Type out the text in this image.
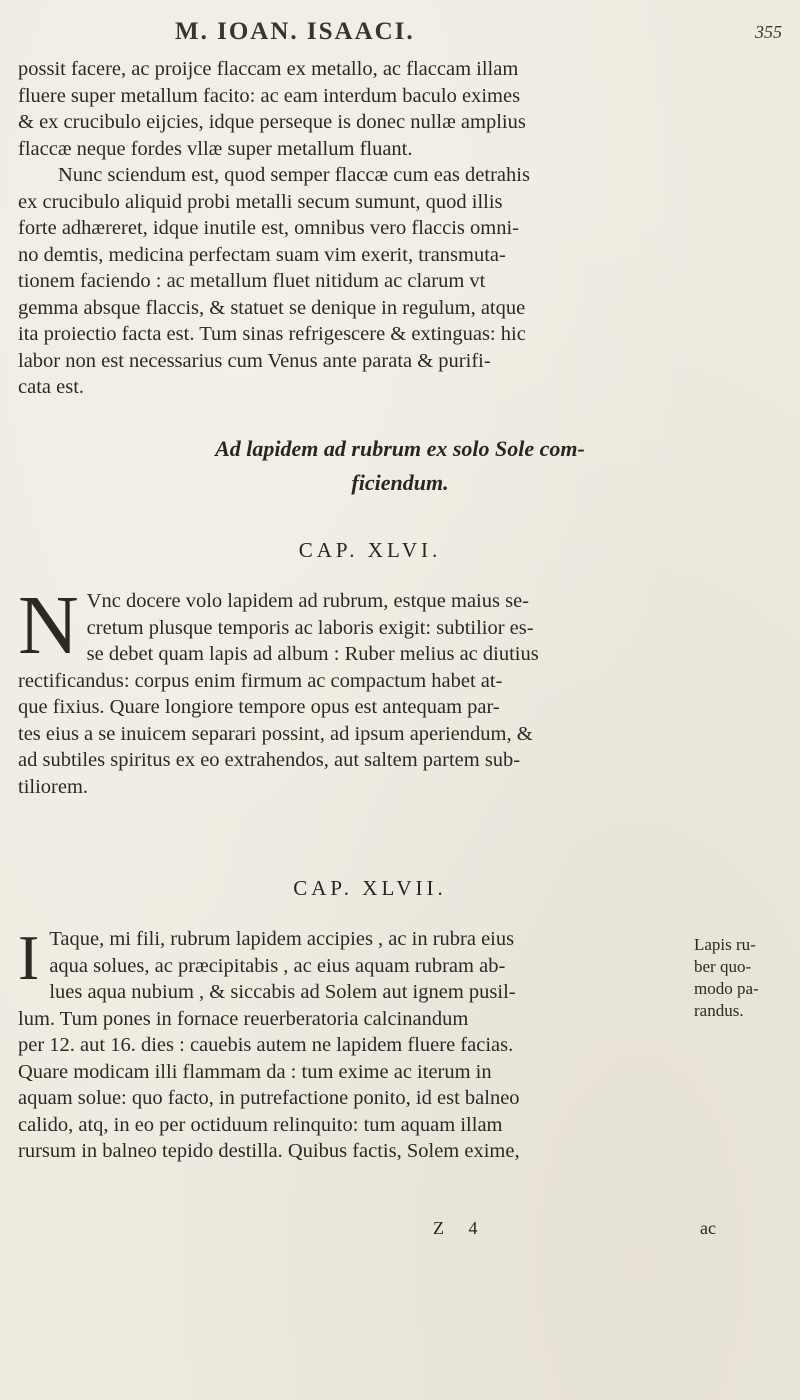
M. IOAN. ISAACI.	355
possit facere, ac proijce flaccam ex metallo, ac flaccam illam
fluere super metallum facito: ac eam interdum baculo eximes
& ex crucibulo eijcies, idque perseque is donec nullæ amplius
flaccæ neque fordes vllæ super metallum fluant.
Nunc sciendum est, quod semper flaccæ cum eas detrahis
ex crucibulo aliquid probi metalli secum sumunt, quod illis
forte adhæreret, idque inutile est, omnibus vero flaccis omni-
no demtis, medicina perfectam suam vim exerit, transmuta-
tionem faciendo : ac metallum fluet nitidum ac clarum vt
gemma absque flaccis, & statuet se denique in regulum, atque
ita proiectio facta est. Tum sinas refrigescere & extinguas: hic
labor non est necessarius cum Venus ante parata & purifi-
cata est.
Ad lapidem ad rubrum ex solo Sole com-
ficiendum.
CAP. XLVI.
N Vnc docere volo lapidem ad rubrum, estque maius se-
cretum plusque temporis ac laboris exigit: subtilior es-
se debet quam lapis ad album : Ruber melius ac diutius
rectificandus: corpus enim firmum ac compactum habet at-
que fixius. Quare longiore tempore opus est antequam par-
tes eius a se inuicem separari possint, ad ipsum aperiendum, &
ad subtiles spiritus ex eo extrahendos, aut saltem partem sub-
tiliorem.
CAP. XLVII.
I Taque, mi fili, rubrum lapidem accipies , ac in rubra eius
aqua solues, ac præcipitabis , ac eius aquam rubram ab-
lues aqua nubium , & siccabis ad Solem aut ignem pusil-
lum. Tum pones in fornace reuerberatoria calcinandum
per 12. aut 16. dies : cauebis autem ne lapidem fluere facias.
Quare modicam illi flammam da : tum exime ac iterum in
aquam solue: quo facto, in putrefactione ponito, id est balneo
calido, atq, in eo per octiduum relinquito: tum aquam illam
rursum in balneo tepido destilla. Quibus factis, Solem exime,
Lapis ru-
ber quo-
modo pa-
randus.
Z 4	ac
